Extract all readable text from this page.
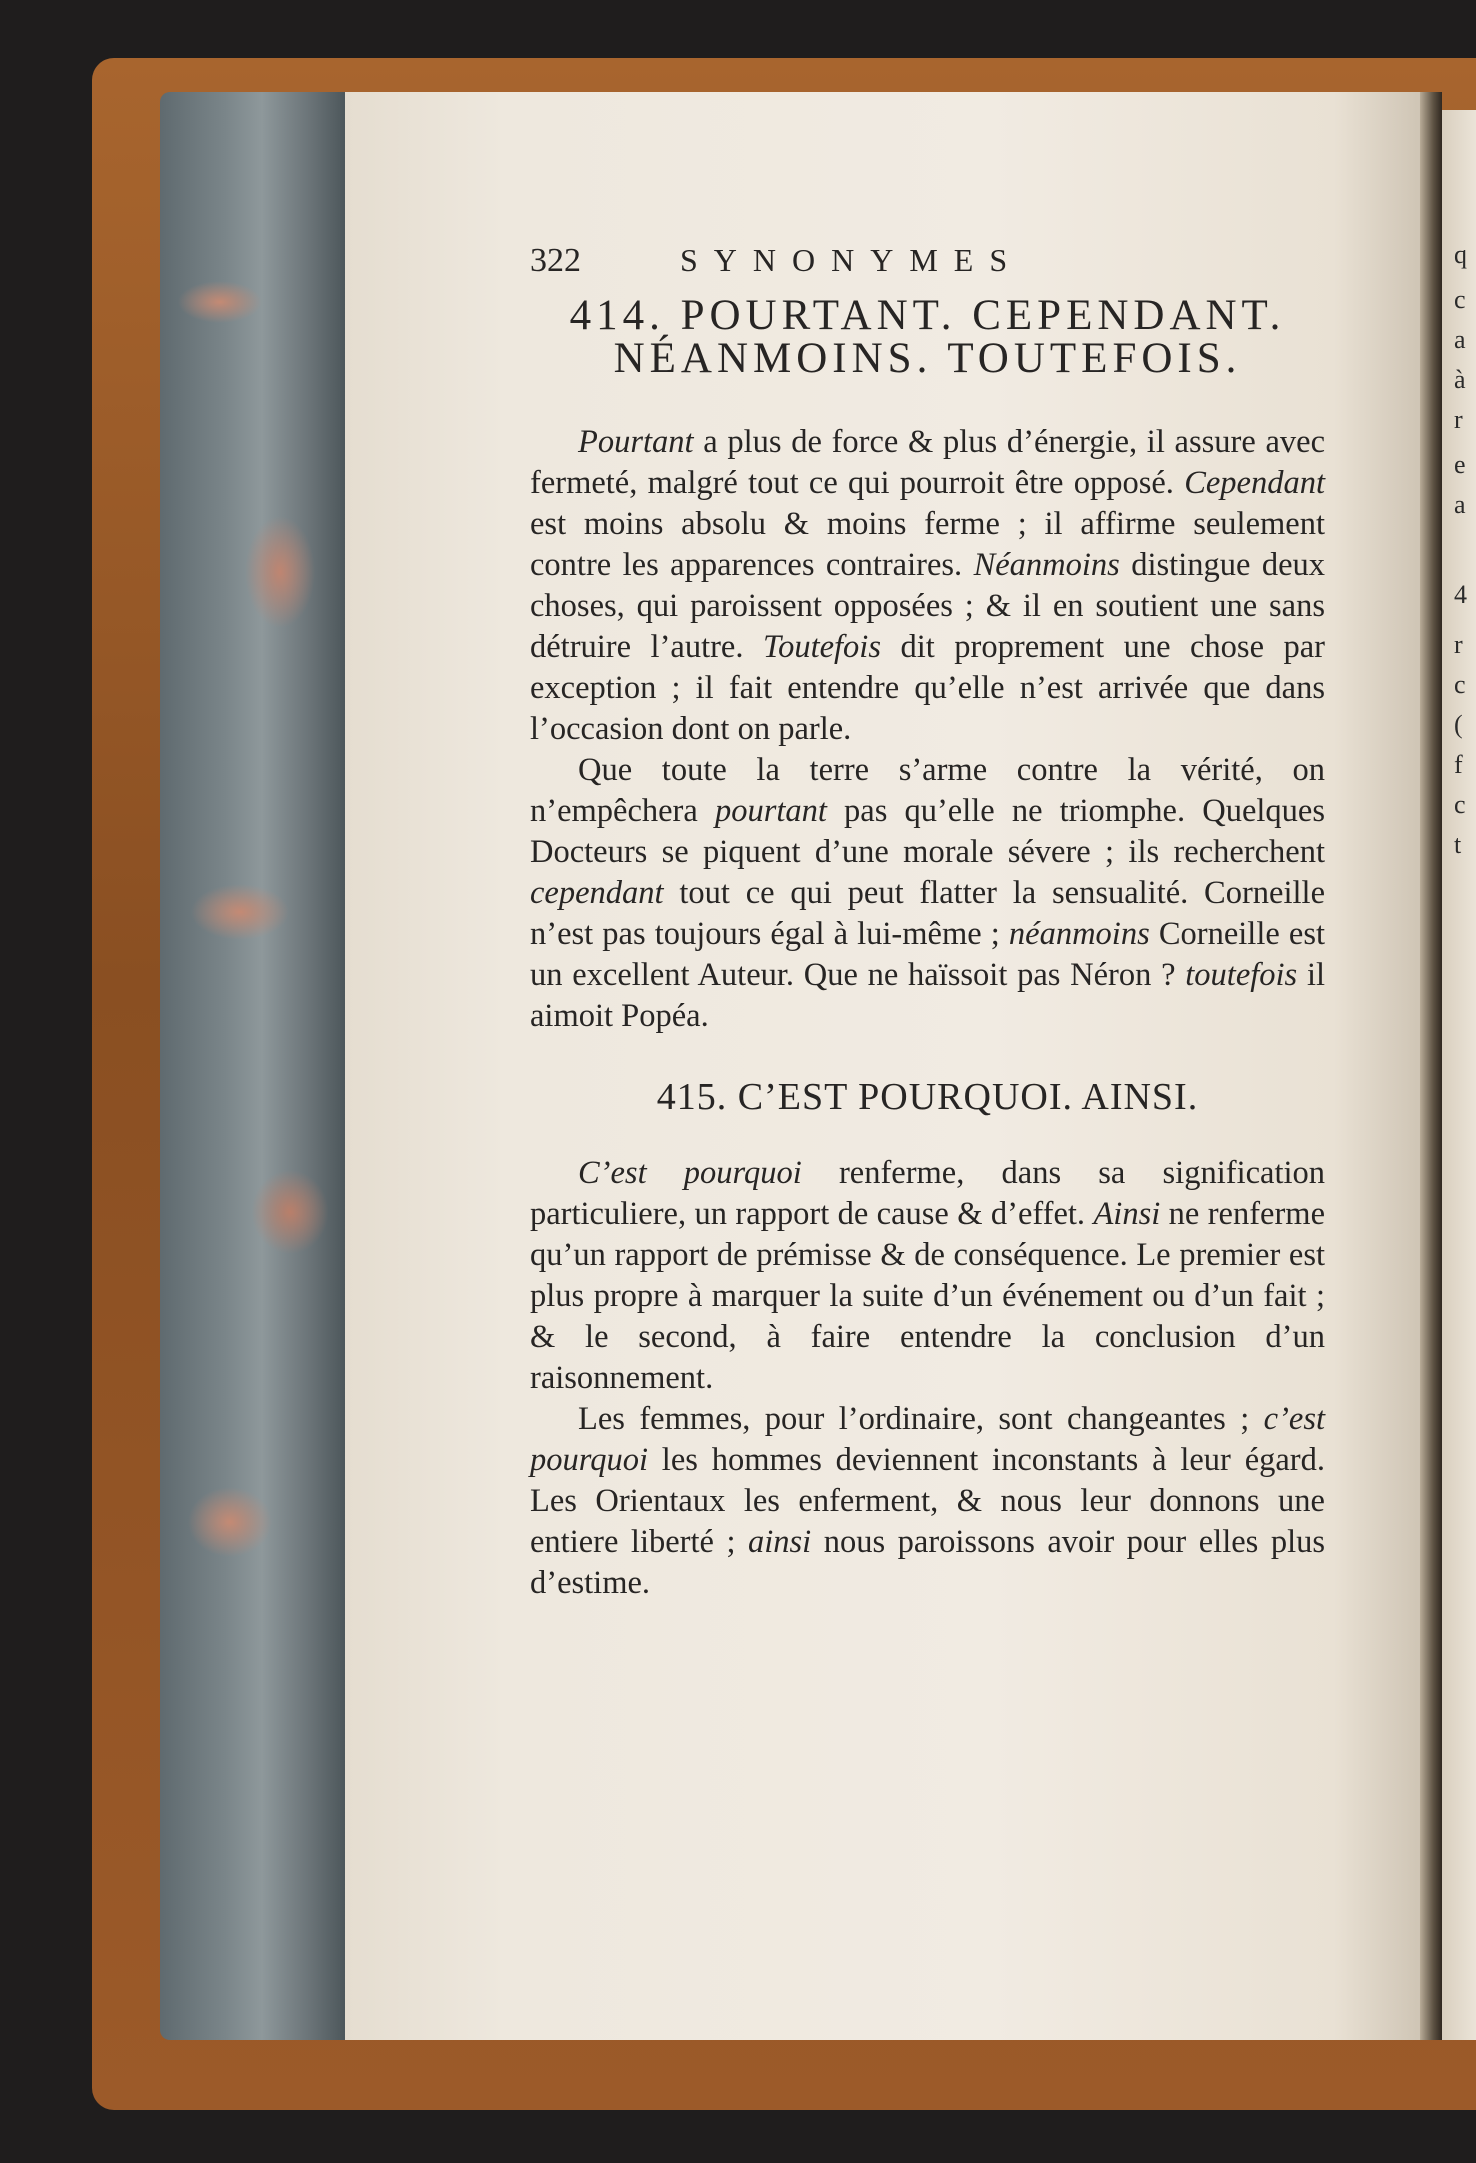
322	SYNONYMES
414. POURTANT. CEPENDANT.
NÉANMOINS. TOUTEFOIS.

Pourtant a plus de force & plus d’énergie, il assure avec fermeté, malgré tout ce qui pourroit être opposé. Cependant est moins absolu & moins ferme ; il affirme seulement contre les apparences contraires. Néanmoins distingue deux choses, qui paroissent opposées ; & il en soutient une sans détruire l’autre. Toutefois dit proprement une chose par exception ; il fait entendre qu’elle n’est arrivée que dans l’occasion dont on parle.

Que toute la terre s’arme contre la vérité, on n’empêchera pourtant pas qu’elle ne triomphe. Quelques Docteurs se piquent d’une morale sévere ; ils recherchent cependant tout ce qui peut flatter la sensualité. Corneille n’est pas toujours égal à lui-même ; néanmoins Corneille est un excellent Auteur. Que ne haïssoit pas Néron ? toutefois il aimoit Popéa.

415. C’EST POURQUOI. AINSI.

C’est pourquoi renferme, dans sa signification particuliere, un rapport de cause & d’effet. Ainsi ne renferme qu’un rapport de prémisse & de conséquence. Le premier est plus propre à marquer la suite d’un événement ou d’un fait ; & le second, à faire entendre la conclusion d’un raisonnement.

Les femmes, pour l’ordinaire, sont changeantes ; c’est pourquoi les hommes deviennent inconstants à leur égard. Les Orientaux les enferment, & nous leur donnons une entiere liberté ; ainsi nous paroissons avoir pour elles plus d’estime.

q
c
a
à
r
e
a
4
r
c
(
f
c
t
